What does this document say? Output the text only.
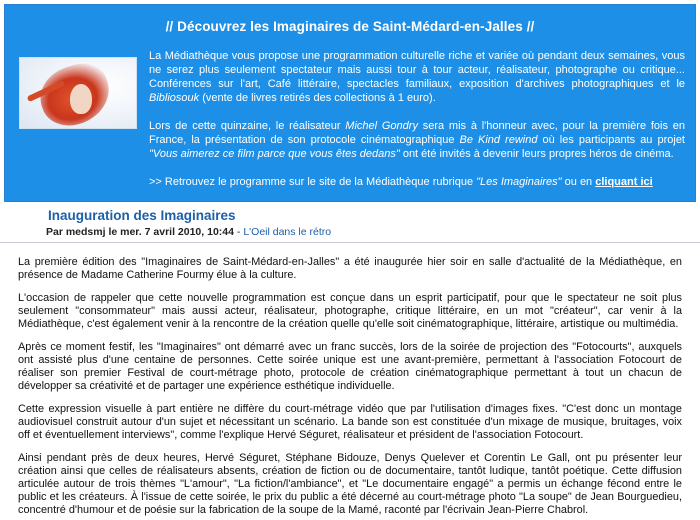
// Découvrez les Imaginaires de Saint-Médard-en-Jalles //

La Médiathèque vous propose une programmation culturelle riche et variée où pendant deux semaines, vous ne serez plus seulement spectateur mais aussi tour à tour acteur, réalisateur, photographe ou critique... Conférences sur l'art, Café littéraire, spectacles familiaux, exposition d'archives photographiques et le Bibliosouk (vente de livres retirés des collections à 1 euro).

Lors de cette quinzaine, le réalisateur Michel Gondry sera mis à l'honneur avec, pour la première fois en France, la présentation de son protocole cinématographique Be Kind rewind où les participants au projet "Vous aimerez ce film parce que vous êtes dedans" ont été invités à devenir leurs propres héros de cinéma.

>> Retrouvez le programme sur le site de la Médiathèque rubrique "Les Imaginaires" ou en cliquant ici

Inauguration des Imaginaires
Par medsmj le mer. 7 avril 2010, 10:44 - L'Oeil dans le rétro

La première édition des "Imaginaires de Saint-Médard-en-Jalles" a été inaugurée hier soir en salle d'actualité de la Médiathèque, en présence de Madame Catherine Fourmy élue à la culture.

L'occasion de rappeler que cette nouvelle programmation est conçue dans un esprit participatif, pour que le spectateur ne soit plus seulement "consommateur" mais aussi acteur, réalisateur, photographe, critique littéraire, en un mot "créateur", car venir à la Médiathèque, c'est également venir à la rencontre de la création quelle qu'elle soit cinématographique, littéraire, artistique ou multimédia.

Après ce moment festif, les "Imaginaires" ont démarré avec un franc succès, lors de la soirée de projection des "Fotocourts", auxquels ont assisté plus d'une centaine de personnes. Cette soirée unique est une avant-première, permettant à l'association Fotocourt de réaliser son premier Festival de court-métrage photo, protocole de création cinématographique permettant à tout un chacun de développer sa créativité et de partager une expérience esthétique individuelle.

Cette expression visuelle à part entière ne diffère du court-métrage vidéo que par l'utilisation d'images fixes. "C'est donc un montage audiovisuel construit autour d'un sujet et nécessitant un scénario. La bande son est constituée d'un mixage de musique, bruitages, voix off et éventuellement interviews", comme l'explique Hervé Séguret, réalisateur et président de l'association Fotocourt.

Ainsi pendant près de deux heures, Hervé Séguret, Stéphane Bidouze, Denys Quelever et Corentin Le Gall, ont pu présenter leur création ainsi que celles de réalisateurs absents, création de fiction ou de documentaire, tantôt ludique, tantôt poétique. Cette diffusion articulée autour de trois thèmes "L'amour", "La fiction/l'ambiance", et "Le documentaire engagé" a permis un échange fécond entre le public et les créateurs. À l'issue de cette soirée, le prix du public a été décerné au court-métrage photo "La soupe" de Jean Bourguedieu, concentré d'humour et de poésie sur la fabrication de la soupe de la Mamé, raconté par l'écrivain Jean-Pierre Chabrol.
